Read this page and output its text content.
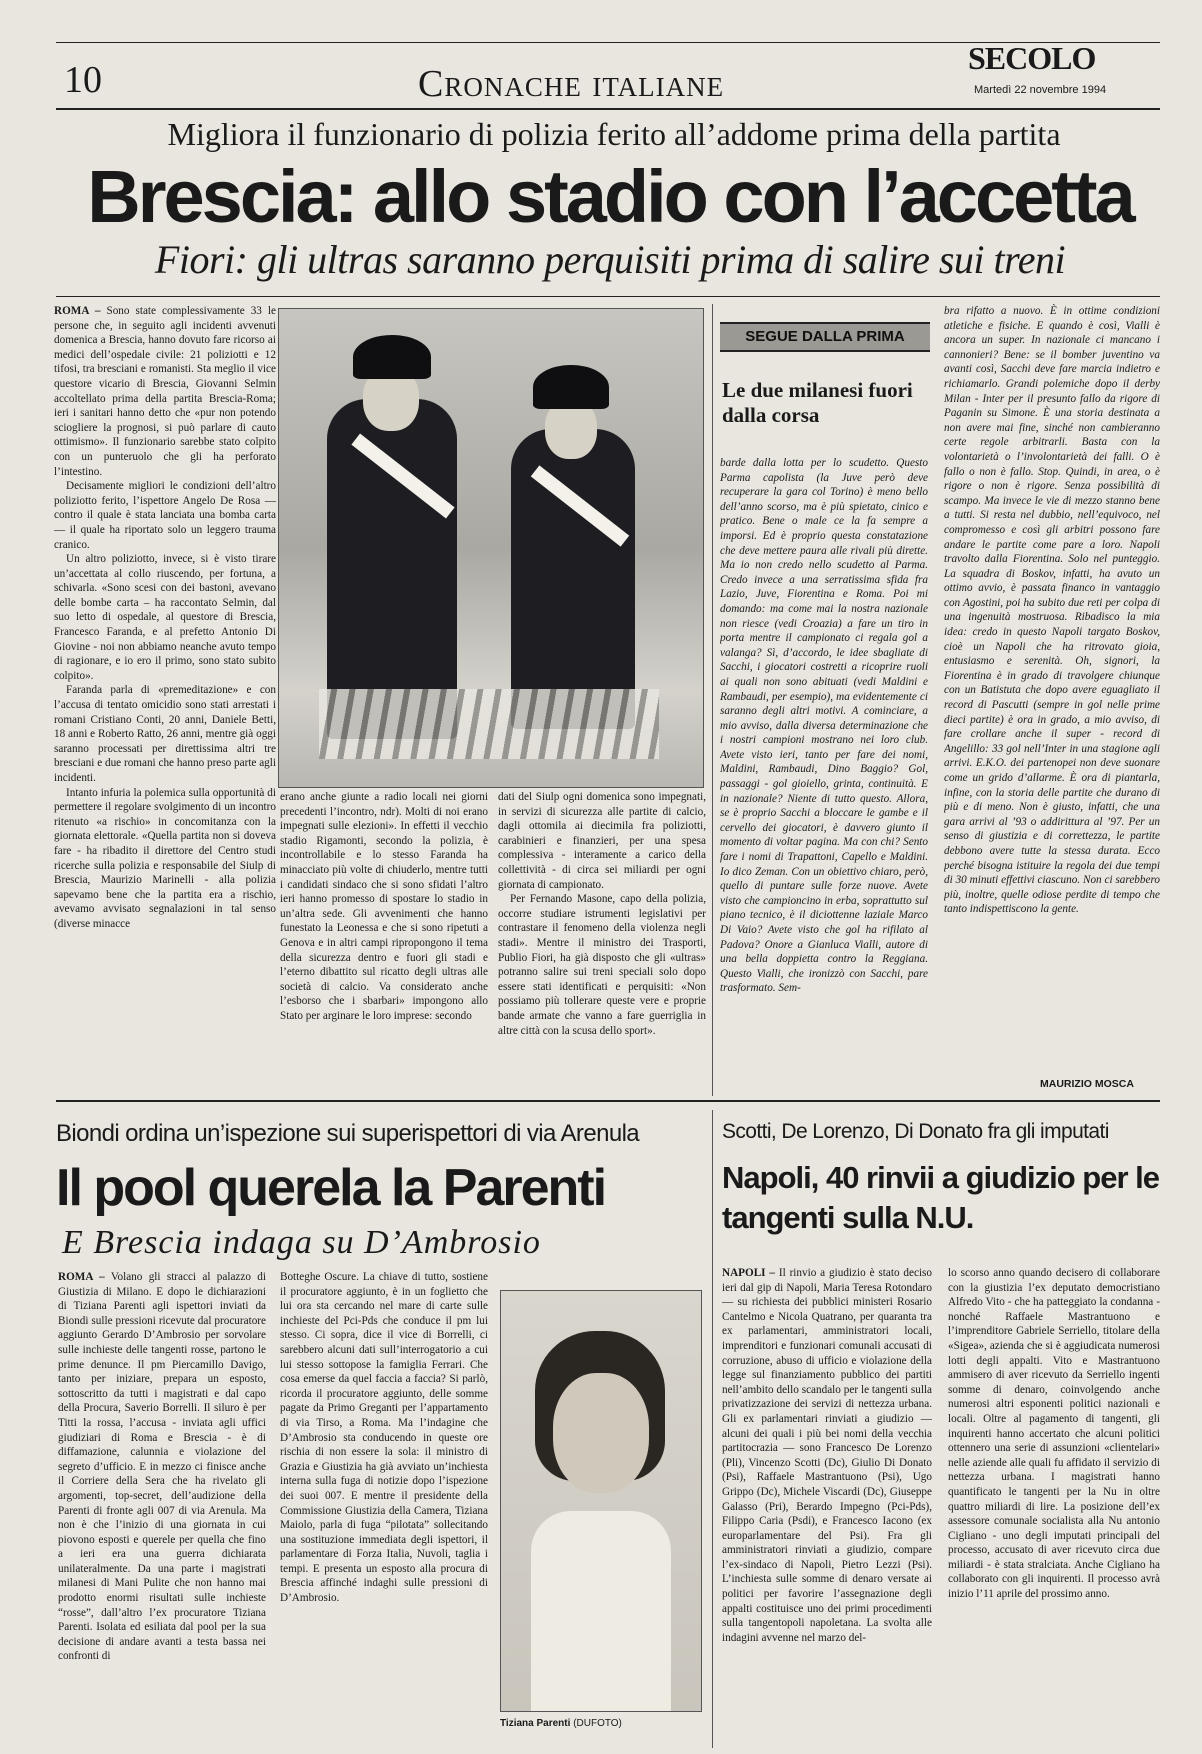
10	Cronache italiane
SECOLO
Martedì 22 novembre 1994
Migliora il funzionario di polizia ferito all’addome prima della partita
Brescia: allo stadio con l’accetta
Fiori: gli ultras saranno perquisiti prima di salire sui treni

ROMA – Sono state complessivamente 33 le persone che, in seguito agli incidenti avvenuti domenica a Brescia, hanno dovuto fare ricorso ai medici dell’ospedale civile: 21 poliziotti e 12 tifosi, tra bresciani e romanisti. Sta meglio il vice questore vicario di Brescia, Giovanni Selmin accoltellato prima della partita Brescia-Roma; ieri i sanitari hanno detto che «pur non potendo sciogliere la prognosi, si può parlare di cauto ottimismo». Il funzionario sarebbe stato colpito con un punteruolo che gli ha perforato l’intestino.

Decisamente migliori le condizioni dell’altro poliziotto ferito, l’ispettore Angelo De Rosa — contro il quale è stata lanciata una bomba carta — il quale ha riportato solo un leggero trauma cranico.

Un altro poliziotto, invece, si è visto tirare un’accettata al collo riuscendo, per fortuna, a schivarla. «Sono scesi con dei bastoni, avevano delle bombe carta – ha raccontato Selmin, dal suo letto di ospedale, al questore di Brescia, Francesco Faranda, e al prefetto Antonio Di Giovine - noi non abbiamo neanche avuto tempo di ragionare, e io ero il primo, sono stato subito colpito».

Faranda parla di «premeditazione» e con l’accusa di tentato omicidio sono stati arrestati i romani Cristiano Conti, 20 anni, Daniele Betti, 18 anni e Roberto Ratto, 26 anni, mentre già oggi saranno processati per direttissima altri tre bresciani e due romani che hanno preso parte agli incidenti.

Intanto infuria la polemica sulla opportunità di permettere il regolare svolgimento di un incontro ritenuto «a rischio» in concomitanza con la giornata elettorale. «Quella partita non si doveva fare - ha ribadito il direttore del Centro studi ricerche sulla polizia e responsabile del Siulp di Brescia, Maurizio Marinelli - alla polizia sapevamo bene che la partita era a rischio, avevamo avvisato segnalazioni in tal senso (diverse minacce

erano anche giunte a radio locali nei giorni precedenti l’incontro, ndr). Molti di noi erano impegnati sulle elezioni». In effetti il vecchio stadio Rigamonti, secondo la polizia, è incontrollabile e lo stesso Faranda ha minacciato più volte di chiuderlo, mentre tutti i candidati sindaco che si sono sfidati l’altro ieri hanno promesso di spostare lo stadio in un’altra sede. Gli avvenimenti che hanno funestato la Leonessa e che si sono ripetuti a Genova e in altri campi ripropongono il tema della sicurezza dentro e fuori gli stadi e l’eterno dibattito sul ricatto degli ultras alle società di calcio. Va considerato anche l’esborso che i sbarbari» impongono allo Stato per arginare le loro imprese: secondo

dati del Siulp ogni domenica sono impegnati, in servizi di sicurezza alle partite di calcio, dagli ottomila ai diecimila fra poliziotti, carabinieri e finanzieri, per una spesa complessiva - interamente a carico della collettività - di circa sei miliardi per ogni giornata di campionato.

Per Fernando Masone, capo della polizia, occorre studiare istrumenti legislativi per contrastare il fenomeno della violenza negli stadi». Mentre il ministro dei Trasporti, Publio Fiori, ha già disposto che gli «ultras» potranno salire sui treni speciali solo dopo essere stati identificati e perquisiti: «Non possiamo più tollerare queste vere e proprie bande armate che vanno a fare guerriglia in altre città con la scusa dello sport».

SEGUE DALLA PRIMA
Le due milanesi fuori dalla corsa

barde dalla lotta per lo scudetto. Questo Parma capolista (la Juve però deve recuperare la gara col Torino) è meno bello dell’anno scorso, ma è più spietato, cinico e pratico. Bene o male ce la fa sempre a imporsi. Ed è proprio questa constatazione che deve mettere paura alle rivali più dirette. Ma io non credo nello scudetto al Parma. Credo invece a una serratissima sfida fra Lazio, Juve, Fiorentina e Roma. Poi mi domando: ma come mai la nostra nazionale non riesce (vedi Croazia) a fare un tiro in porta mentre il campionato ci regala gol a valanga? Sì, d’accordo, le idee sbagliate di Sacchi, i giocatori costretti a ricoprire ruoli ai quali non sono abituati (vedi Maldini e Rambaudi, per esempio), ma evidentemente ci saranno degli altri motivi. A cominciare, a mio avviso, dalla diversa determinazione che i nostri campioni mostrano nei loro club. Avete visto ieri, tanto per fare dei nomi, Maldini, Rambaudi, Dino Baggio? Gol, passaggi - gol gioiello, grinta, continuità. E in nazionale? Niente di tutto questo. Allora, se è proprio Sacchi a bloccare le gambe e il cervello dei giocatori, è davvero giunto il momento di voltar pagina. Ma con chi? Sento fare i nomi di Trapattoni, Capello e Maldini. Io dico Zeman. Con un obiettivo chiaro, però, quello di puntare sulle forze nuove. Avete visto che campioncino in erba, soprattutto sul piano tecnico, è il diciottenne laziale Marco Di Vaio? Avete visto che gol ha rifilato al Padova? Onore a Gianluca Vialli, autore di una bella doppietta contro la Reggiana. Questo Vialli, che ironizzò con Sacchi, pare trasformato. Sem-

bra rifatto a nuovo. È in ottime condizioni atletiche e fisiche. E quando è così, Vialli è ancora un super. In nazionale ci mancano i cannonieri? Bene: se il bomber juventino va avanti così, Sacchi deve fare marcia indietro e richiamarlo. Grandi polemiche dopo il derby Milan - Inter per il presunto fallo da rigore di Paganin su Simone. È una storia destinata a non avere mai fine, sinché non cambieranno certe regole arbitrarli. Basta con la volontarietà o l’involontarietà dei falli. O è fallo o non è fallo. Stop. Quindi, in area, o è rigore o non è rigore. Senza possibilità di scampo. Ma invece le vie di mezzo stanno bene a tutti. Si resta nel dubbio, nell’equivoco, nel compromesso e così gli arbitri possono fare andare le partite come pare a loro. Napoli travolto dalla Fiorentina. Solo nel punteggio. La squadra di Boskov, infatti, ha avuto un ottimo avvio, è passata financo in vantaggio con Agostini, poi ha subito due reti per colpa di una ingenuità mostruosa. Ribadisco la mia idea: credo in questo Napoli targato Boskov, cioè un Napoli che ha ritrovato gioia, entusiasmo e serenità. Oh, signori, la Fiorentina è in grado di travolgere chiunque con un Batistuta che dopo avere eguagliato il record di Pascutti (sempre in gol nelle prime dieci partite) è ora in grado, a mio avviso, di fare crollare anche il super - record di Angelillo: 33 gol nell’Inter in una stagione agli arrivi. E.K.O. dei partenopei non deve suonare come un grido d’allarme. È ora di piantarla, infine, con la storia delle partite che durano di più e di meno. Non è giusto, infatti, che una gara arrivi al ’93 o addirittura al ’97. Per un senso di giustizia e di correttezza, le partite debbono avere tutte la stessa durata. Ecco perché bisogna istituire la regola dei due tempi di 30 minuti effettivi ciascuno. Non ci sarebbero più, inoltre, quelle odiose perdite di tempo che tanto indispettiscono la gente.

MAURIZIO MOSCA
Biondi ordina un’ispezione sui superispettori di via Arenula
Il pool querela la Parenti
E Brescia indaga su D’Ambrosio

ROMA – Volano gli stracci al palazzo di Giustizia di Milano. E dopo le dichiarazioni di Tiziana Parenti agli ispettori inviati da Biondi sulle pressioni ricevute dal procuratore aggiunto Gerardo D’Ambrosio per sorvolare sulle inchieste delle tangenti rosse, partono le prime denunce. Il pm Piercamillo Davigo, tanto per iniziare, prepara un esposto, sottoscritto da tutti i magistrati e dal capo della Procura, Saverio Borrelli. Il siluro è per Titti la rossa, l’accusa - inviata agli uffici giudiziari di Roma e Brescia - è di diffamazione, calunnia e violazione del segreto d’ufficio. E in mezzo ci finisce anche il Corriere della Sera che ha rivelato gli argomenti, top-secret, dell’audizione della Parenti di fronte agli 007 di via Arenula. Ma non è che l’inizio di una giornata in cui piovono esposti e querele per quella che fino a ieri era una guerra dichiarata unilateralmente. Da una parte i magistrati milanesi di Mani Pulite che non hanno mai prodotto enormi risultati sulle inchieste “rosse”, dall’altro l’ex procuratore Tiziana Parenti. Isolata ed esiliata dal pool per la sua decisione di andare avanti a testa bassa nei confronti di

Botteghe Oscure. La chiave di tutto, sostiene il procuratore aggiunto, è in un foglietto che lui ora sta cercando nel mare di carte sulle inchieste del Pci-Pds che conduce il pm lui stesso. Ci sopra, dice il vice di Borrelli, ci sarebbero alcuni dati sull’interrogatorio a cui lui stesso sottopose la famiglia Ferrari. Che cosa emerse da quel faccia a faccia? Si parlò, ricorda il procuratore aggiunto, delle somme pagate da Primo Greganti per l’appartamento di via Tirso, a Roma. Ma l’indagine che D’Ambrosio sta conducendo in queste ore rischia di non essere la sola: il ministro di Grazia e Giustizia ha già avviato un’inchiesta interna sulla fuga di notizie dopo l’ispezione dei suoi 007. E mentre il presidente della Commissione Giustizia della Camera, Tiziana Maiolo, parla di fuga “pilotata” sollecitando una sostituzione immediata degli ispettori, il parlamentare di Forza Italia, Nuvoli, taglia i tempi. E presenta un esposto alla procura di Brescia affinché indaghi sulle pressioni di D’Ambrosio.

Tiziana Parenti (DUFOTO)
Scotti, De Lorenzo, Di Donato fra gli imputati
Napoli, 40 rinvii a giudizio per le tangenti sulla N.U.

NAPOLI – Il rinvio a giudizio è stato deciso ieri dal gip di Napoli, Maria Teresa Rotondaro — su richiesta dei pubblici ministeri Rosario Cantelmo e Nicola Quatrano, per quaranta tra ex parlamentari, amministratori locali, imprenditori e funzionari comunali accusati di corruzione, abuso di ufficio e violazione della legge sul finanziamento pubblico dei partiti nell’ambito dello scandalo per le tangenti sulla privatizzazione dei servizi di nettezza urbana. Gli ex parlamentari rinviati a giudizio — alcuni dei quali i più bei nomi della vecchia partitocrazia — sono Francesco De Lorenzo (Pli), Vincenzo Scotti (Dc), Giulio Di Donato (Psi), Raffaele Mastrantuono (Psi), Ugo Grippo (Dc), Michele Viscardi (Dc), Giuseppe Galasso (Pri), Berardo Impegno (Pci-Pds), Filippo Caria (Psdi), e Francesco Iacono (ex europarlamentare del Psi). Fra gli amministratori rinviati a giudizio, compare l’ex-sindaco di Napoli, Pietro Lezzi (Psi). L’inchiesta sulle somme di denaro versate ai politici per favorire l’assegnazione degli appalti costituisce uno dei primi procedimenti sulla tangentopoli napoletana. La svolta alle indagini avvenne nel marzo del-

lo scorso anno quando decisero di collaborare con la giustizia l’ex deputato democristiano Alfredo Vito - che ha patteggiato la condanna - nonché Raffaele Mastrantuono e l’imprenditore Gabriele Serriello, titolare della «Sigea», azienda che si è aggiudicata numerosi lotti degli appalti. Vito e Mastrantuono ammisero di aver ricevuto da Serriello ingenti somme di denaro, coinvolgendo anche numerosi altri esponenti politici nazionali e locali. Oltre al pagamento di tangenti, gli inquirenti hanno accertato che alcuni politici ottennero una serie di assunzioni «clientelari» nelle aziende alle quali fu affidato il servizio di nettezza urbana. I magistrati hanno quantificato le tangenti per la Nu in oltre quattro miliardi di lire. La posizione dell’ex assessore comunale socialista alla Nu antonio Cigliano - uno degli imputati principali del processo, accusato di aver ricevuto circa due miliardi - è stata stralciata. Anche Cigliano ha collaborato con gli inquirenti. Il processo avrà inizio l’11 aprile del prossimo anno.
